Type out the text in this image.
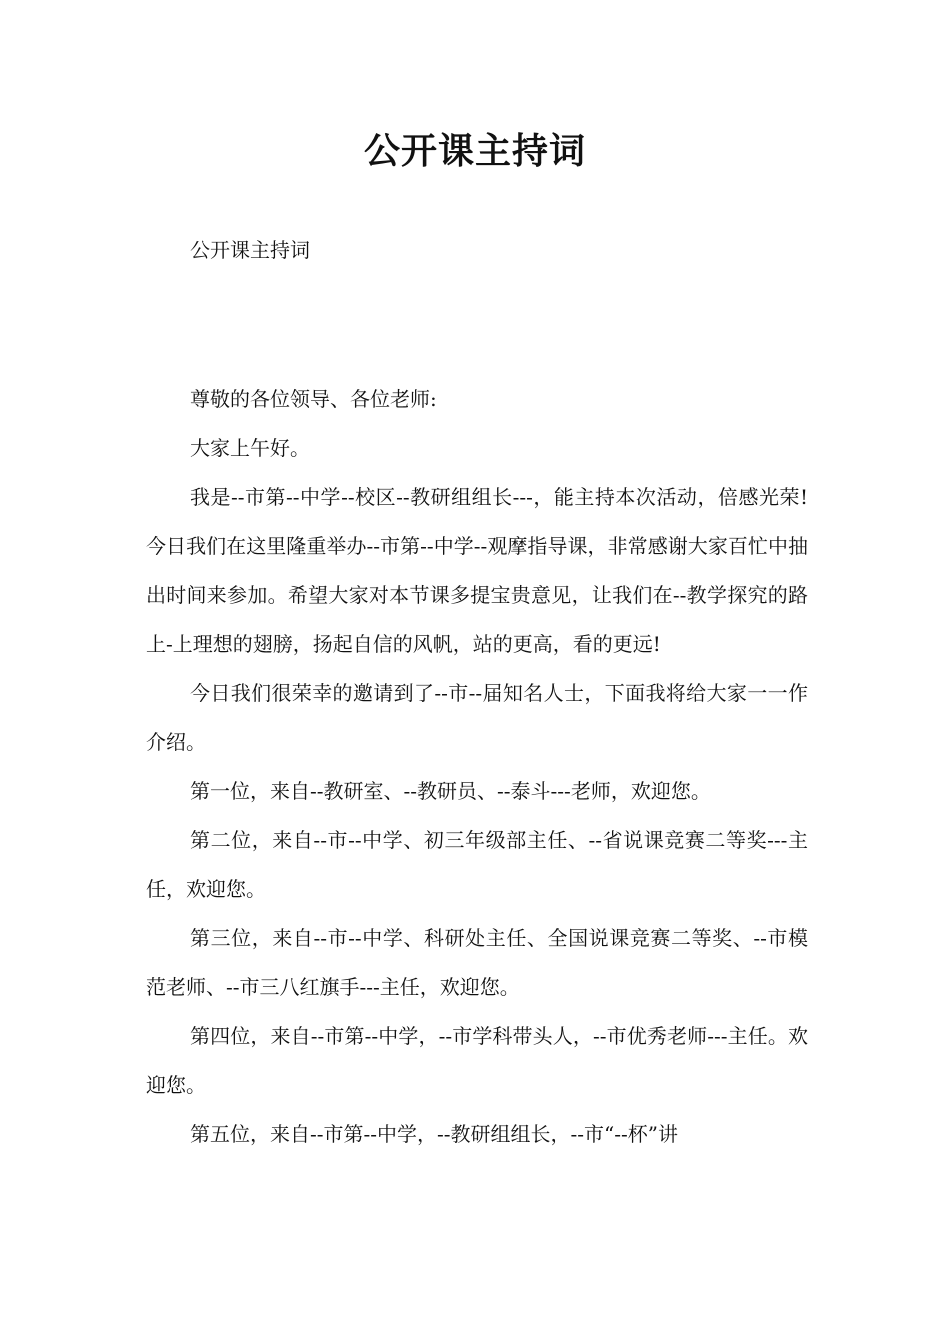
公开课主持词

公开课主持词

尊敬的各位领导、各位老师:

大家上午好。

我是--市第--中学--校区--教研组组长---，能主持本次活动，倍感光荣!今日我们在这里隆重举办--市第--中学--观摩指导课，非常感谢大家百忙中抽出时间来参加。希望大家对本节课多提宝贵意见，让我们在--教学探究的路上-上理想的翅膀，扬起自信的风帆，站的更高，看的更远!

今日我们很荣幸的邀请到了--市--届知名人士，下面我将给大家一一作介绍。

第一位，来自--教研室、--教研员、--泰斗---老师，欢迎您。

第二位，来自--市--中学、初三年级部主任、--省说课竞赛二等奖---主任，欢迎您。

第三位，来自--市--中学、科研处主任、全国说课竞赛二等奖、--市模范老师、--市三八红旗手---主任，欢迎您。

第四位，来自--市第--中学，--市学科带头人，--市优秀老师---主任。欢迎您。

第五位，来自--市第--中学，--教研组组长，--市“--杯”讲
